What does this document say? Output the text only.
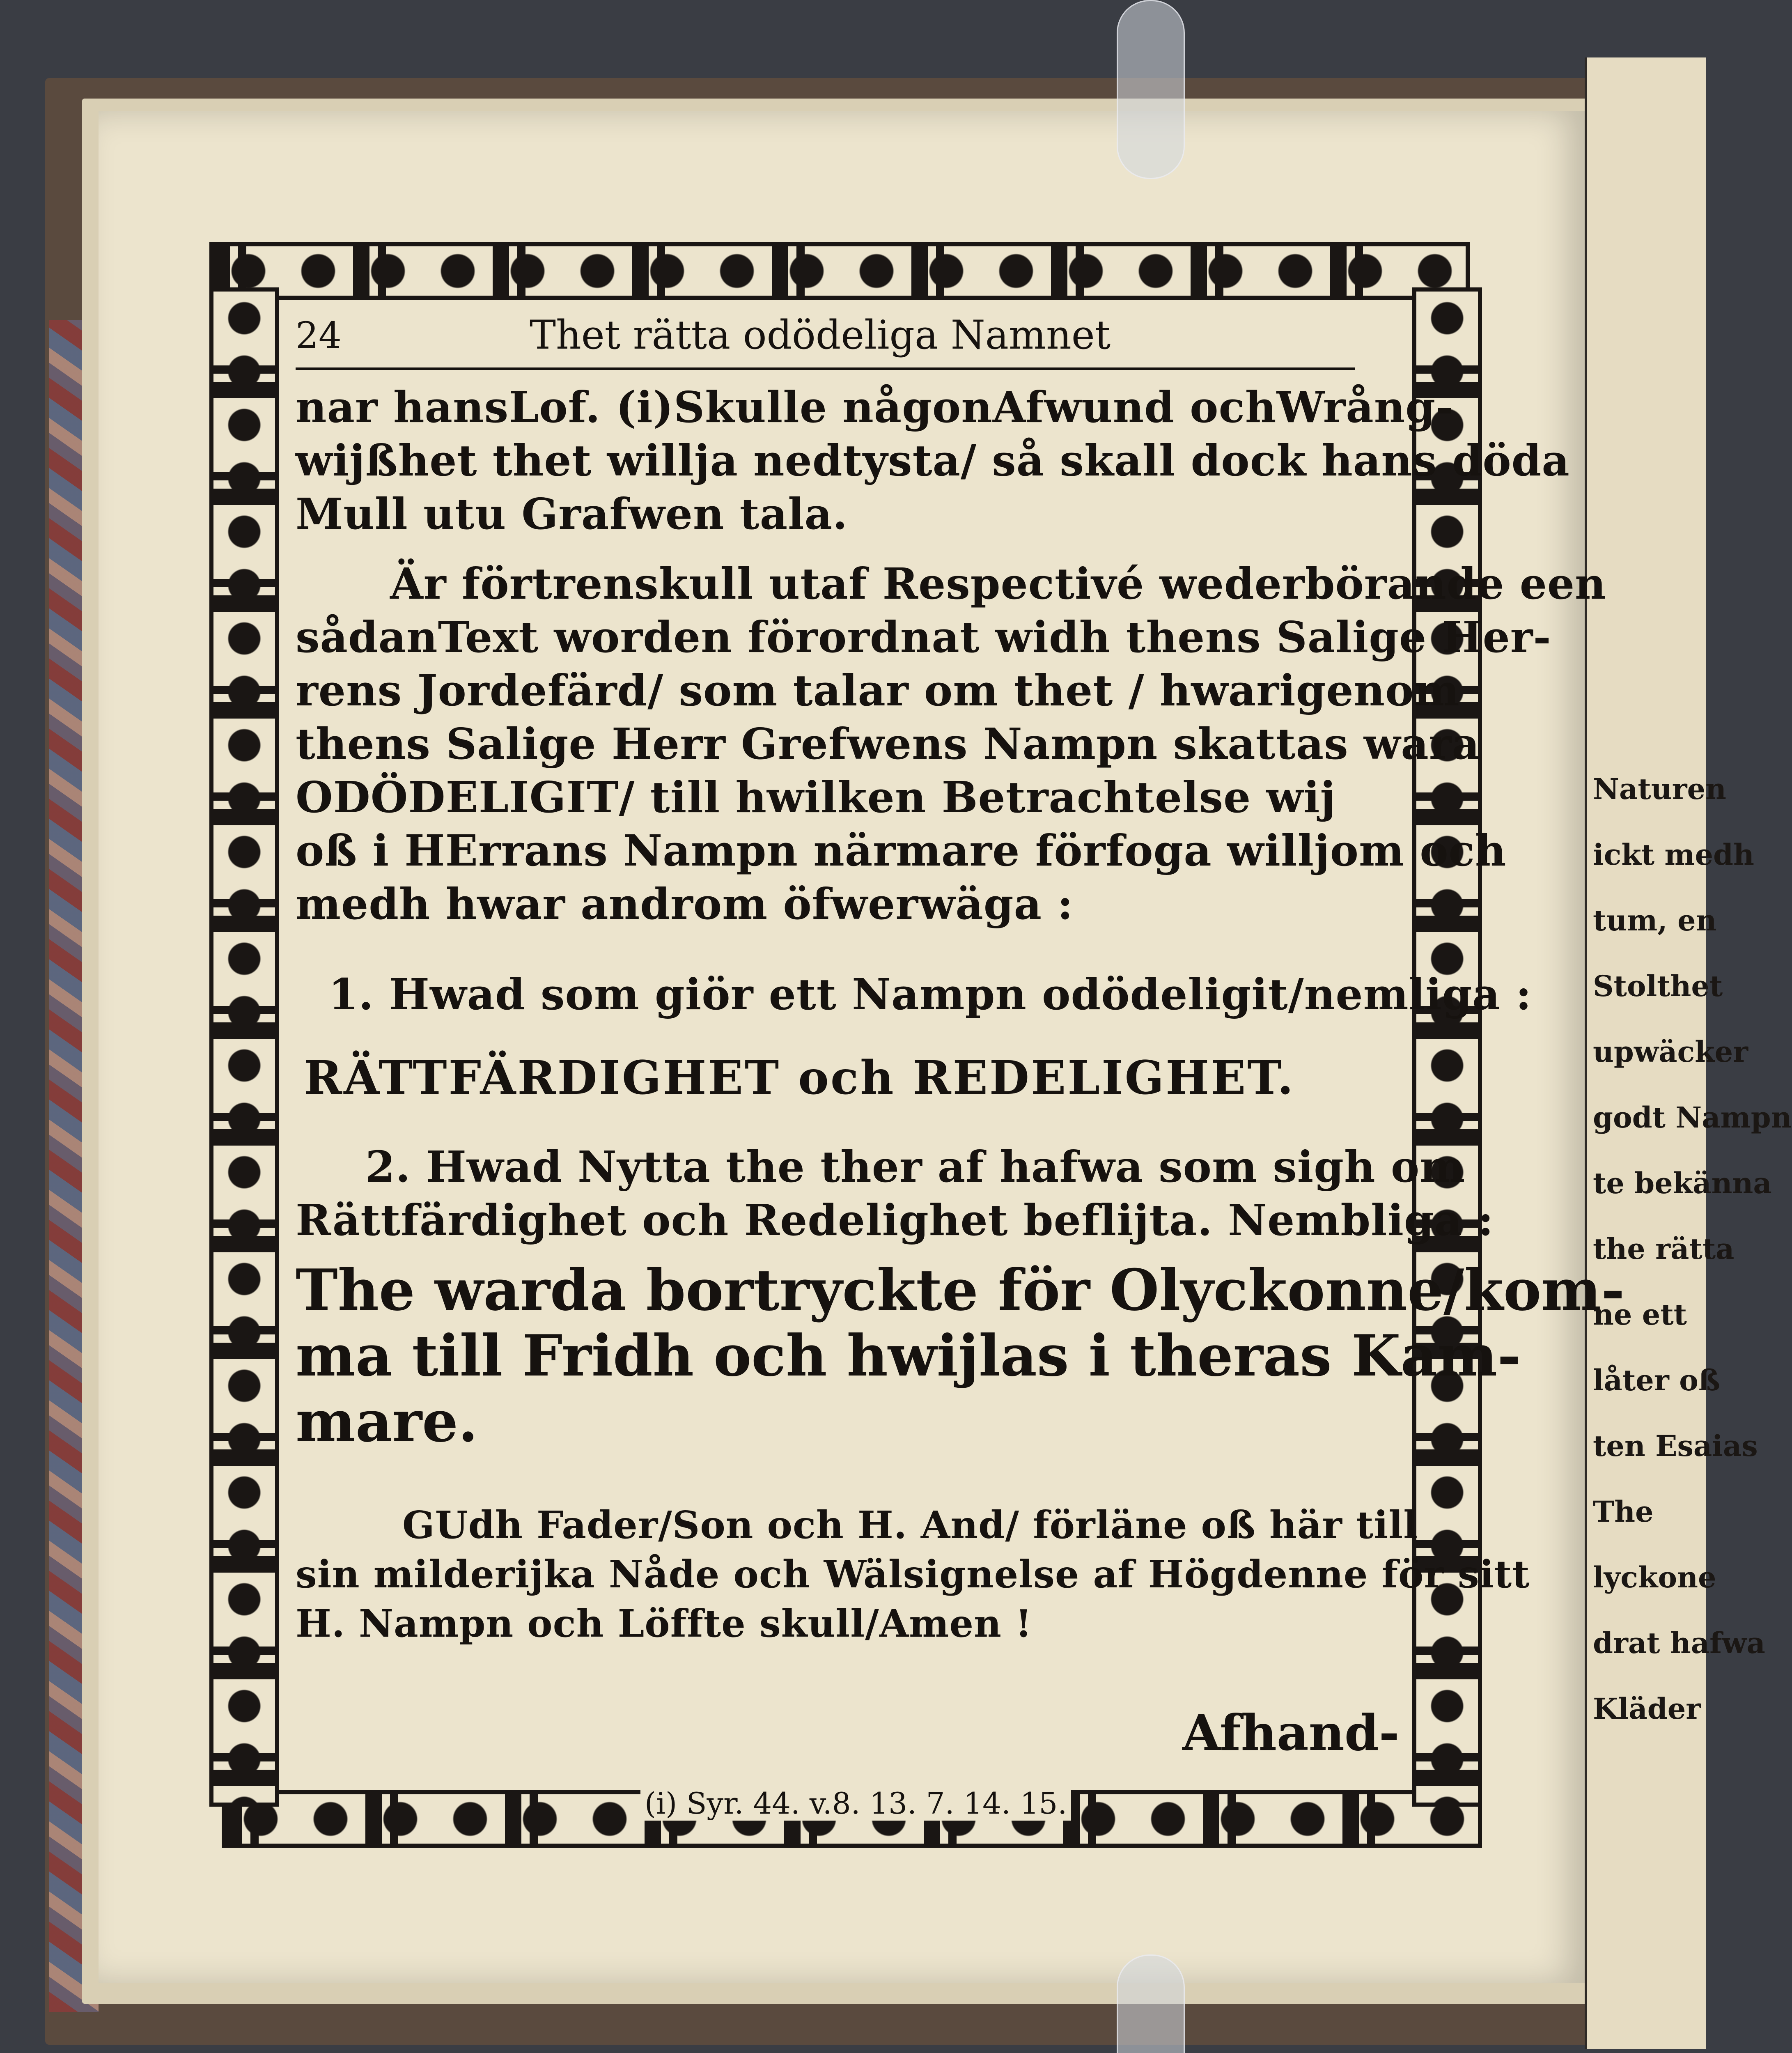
Naturen
ickt medh
tum, en
Stolthet
upwäcker
godt Nampn
te bekänna
the rätta
ne ett
låter oß
ten Esaias
The
lyckone
drat hafwa
Kläder
24	Thet rätta odödeliga Namnet
nar hansLof. (i)Skulle någonAfwund ochWrång-
wijßhet thet willja nedtysta/ så skall dock hans döda
Mull utu Grafwen tala.
Är förtrenskull utaf Respectivé wederbörande een
sådanText worden förordnat widh thens Salige Her-
rens Jordefärd/ som talar om thet / hwarigenom
thens Salige Herr Grefwens Nampn skattas wara
ODÖDELIGIT/ till hwilken Betrachtelse wij
oß i HErrans Nampn närmare förfoga willjom och
medh hwar androm öfwerwäga :
1. Hwad som giör ett Nampn odödeligit/nemliga :
RÄTTFÄRDIGHET och REDELIGHET.
2. Hwad Nytta the ther af hafwa som sigh om
Rättfärdighet och Redelighet beflijta. Nembliga :
The warda bortryckte för Olyckonne/kom-
ma till Fridh och hwijlas i theras Kam-
mare.
GUdh Fader/Son och H. And/ förläne oß här till
sin milderijka Nåde och Wälsignelse af Högdenne för sitt
H. Nampn och Löffte skull/Amen !
Afhand-
(i) Syr. 44. v.8. 13. 7. 14. 15.
